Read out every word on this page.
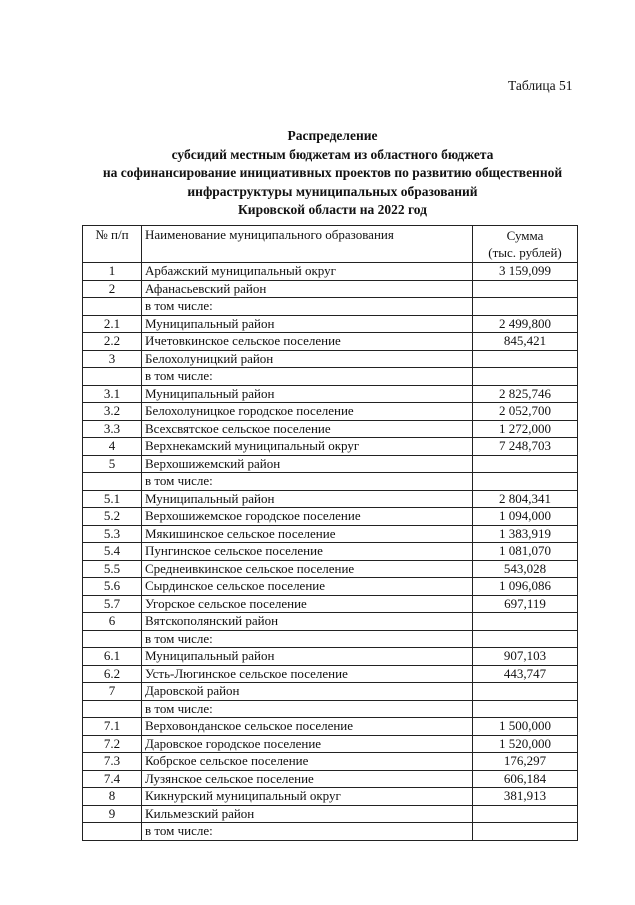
Таблица 51
Распределение
субсидий местным бюджетам из областного бюджета
на софинансирование инициативных проектов по развитию общественной
инфраструктуры муниципальных образований
Кировской области на 2022 год
№ п/п	Наименование муниципального образования	Сумма
(тыс. рублей)

1	Арбажский муниципальный округ	3 159,099
2	Афанасьевский район	
	в том числе:	
2.1	Муниципальный район	2 499,800
2.2	Ичетовкинское сельское поселение	845,421
3	Белохолуницкий район	
	в том числе:	
3.1	Муниципальный район	2 825,746
3.2	Белохолуницкое городское поселение	2 052,700
3.3	Всехсвятское сельское поселение	1 272,000
4	Верхнекамский муниципальный округ	7 248,703
5	Верхошижемский район	
	в том числе:	
5.1	Муниципальный район	2 804,341
5.2	Верхошижемское городское поселение	1 094,000
5.3	Мякишинское сельское поселение	1 383,919
5.4	Пунгинское сельское поселение	1 081,070
5.5	Среднеивкинское сельское поселение	543,028
5.6	Сырдинское сельское поселение	1 096,086
5.7	Угорское сельское поселение	697,119
6	Вятскополянский район	
	в том числе:	
6.1	Муниципальный район	907,103
6.2	Усть-Люгинское сельское поселение	443,747
7	Даровской район	
	в том числе:	
7.1	Верховонданское сельское поселение	1 500,000
7.2	Даровское городское поселение	1 520,000
7.3	Кобрское сельское поселение	176,297
7.4	Лузянское сельское поселение	606,184
8	Кикнурский муниципальный округ	381,913
9	Кильмезский район	
	в том числе:	
